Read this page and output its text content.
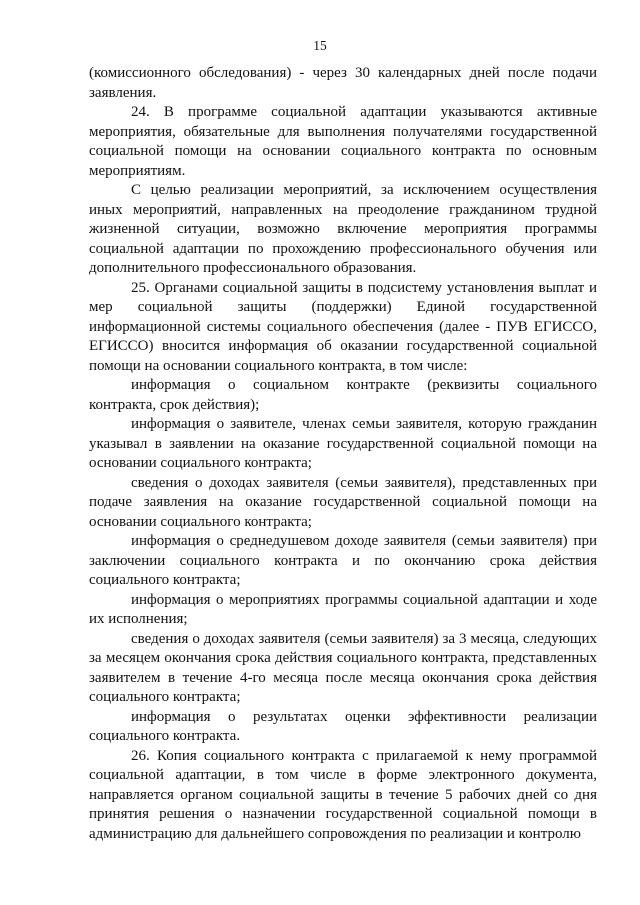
15

(комиссионного обследования) - через 30 календарных дней после подачи заявления.

24. В программе социальной адаптации указываются активные мероприятия, обязательные для выполнения получателями государственной социальной помощи на основании социального контракта по основным мероприятиям.

С целью реализации мероприятий, за исключением осуществления иных мероприятий, направленных на преодоление гражданином трудной жизненной ситуации, возможно включение мероприятия программы социальной адаптации по прохождению профессионального обучения или дополнительного профессионального образования.

25. Органами социальной защиты в подсистему установления выплат и мер социальной защиты (поддержки) Единой государственной информационной системы социального обеспечения (далее - ПУВ ЕГИССО, ЕГИССО) вносится информация об оказании государственной социальной помощи на основании социального контракта, в том числе:

информация о социальном контракте (реквизиты социального контракта, срок действия);

информация о заявителе, членах семьи заявителя, которую гражданин указывал в заявлении на оказание государственной социальной помощи на основании социального контракта;

сведения о доходах заявителя (семьи заявителя), представленных при подаче заявления на оказание государственной социальной помощи на основании социального контракта;

информация о среднедушевом доходе заявителя (семьи заявителя) при заключении социального контракта и по окончанию срока действия социального контракта;

информация о мероприятиях программы социальной адаптации и ходе их исполнения;

сведения о доходах заявителя (семьи заявителя) за 3 месяца, следующих за месяцем окончания срока действия социального контракта, представленных заявителем в течение 4-го месяца после месяца окончания срока действия социального контракта;

информация о результатах оценки эффективности реализации социального контракта.

26. Копия социального контракта с прилагаемой к нему программой социальной адаптации, в том числе в форме электронного документа, направляется органом социальной защиты в течение 5 рабочих дней со дня принятия решения о назначении государственной социальной помощи в администрацию для дальнейшего сопровождения по реализации и контролю
